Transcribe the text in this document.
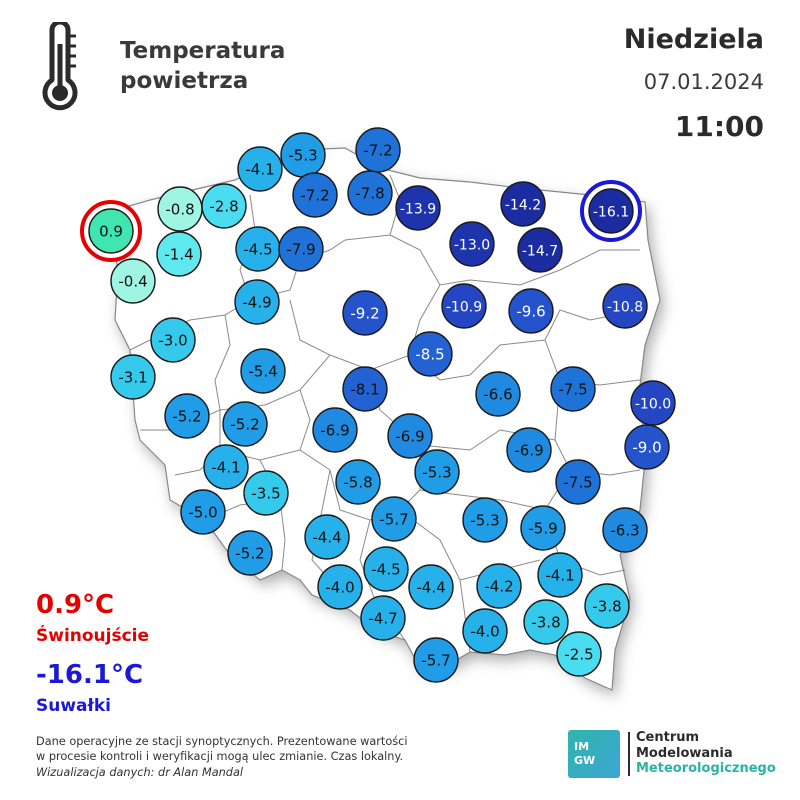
Temperatura
powietrza
Niedziela
07.01.2024
11:00
0.9
-0.8 -2.8
-4.1
-5.3	-7.2
-7.2 -7.8
-13.9	-14.2	-16.1
-1.4
-0.4
-4.5 -7.9	-13.0 -14.7
-4.9
-9.2	-10.9 -9.6	-10.8
-3.0
-8.5
-3.1	-5.4
-8.1	-6.6	-7.5
-10.0
-5.2 -5.2	-6.9	-6.9
-6.9	-9.0
-4.1
-5.8
-5.3
-7.5
-3.5
-5.0	-5.7	-5.3 -5.9	-6.3
-4.4
-5.2
-4.5
-4.0	-4.4	-4.2
-4.1
-4.7
-4.0 -3.8
-3.8
-2.5
-5.7
0.9°C
Świnoujście
-16.1°C
Suwałki
Dane operacyjne ze stacji synoptycznych. Prezentowane wartości
w procesie kontroli i weryfikacji mogą ulec zmianie. Czas lokalny.
Wizualizacja danych: dr Alan Mandal
IM
GW
Centrum
Modelowania
Meteorologicznego
